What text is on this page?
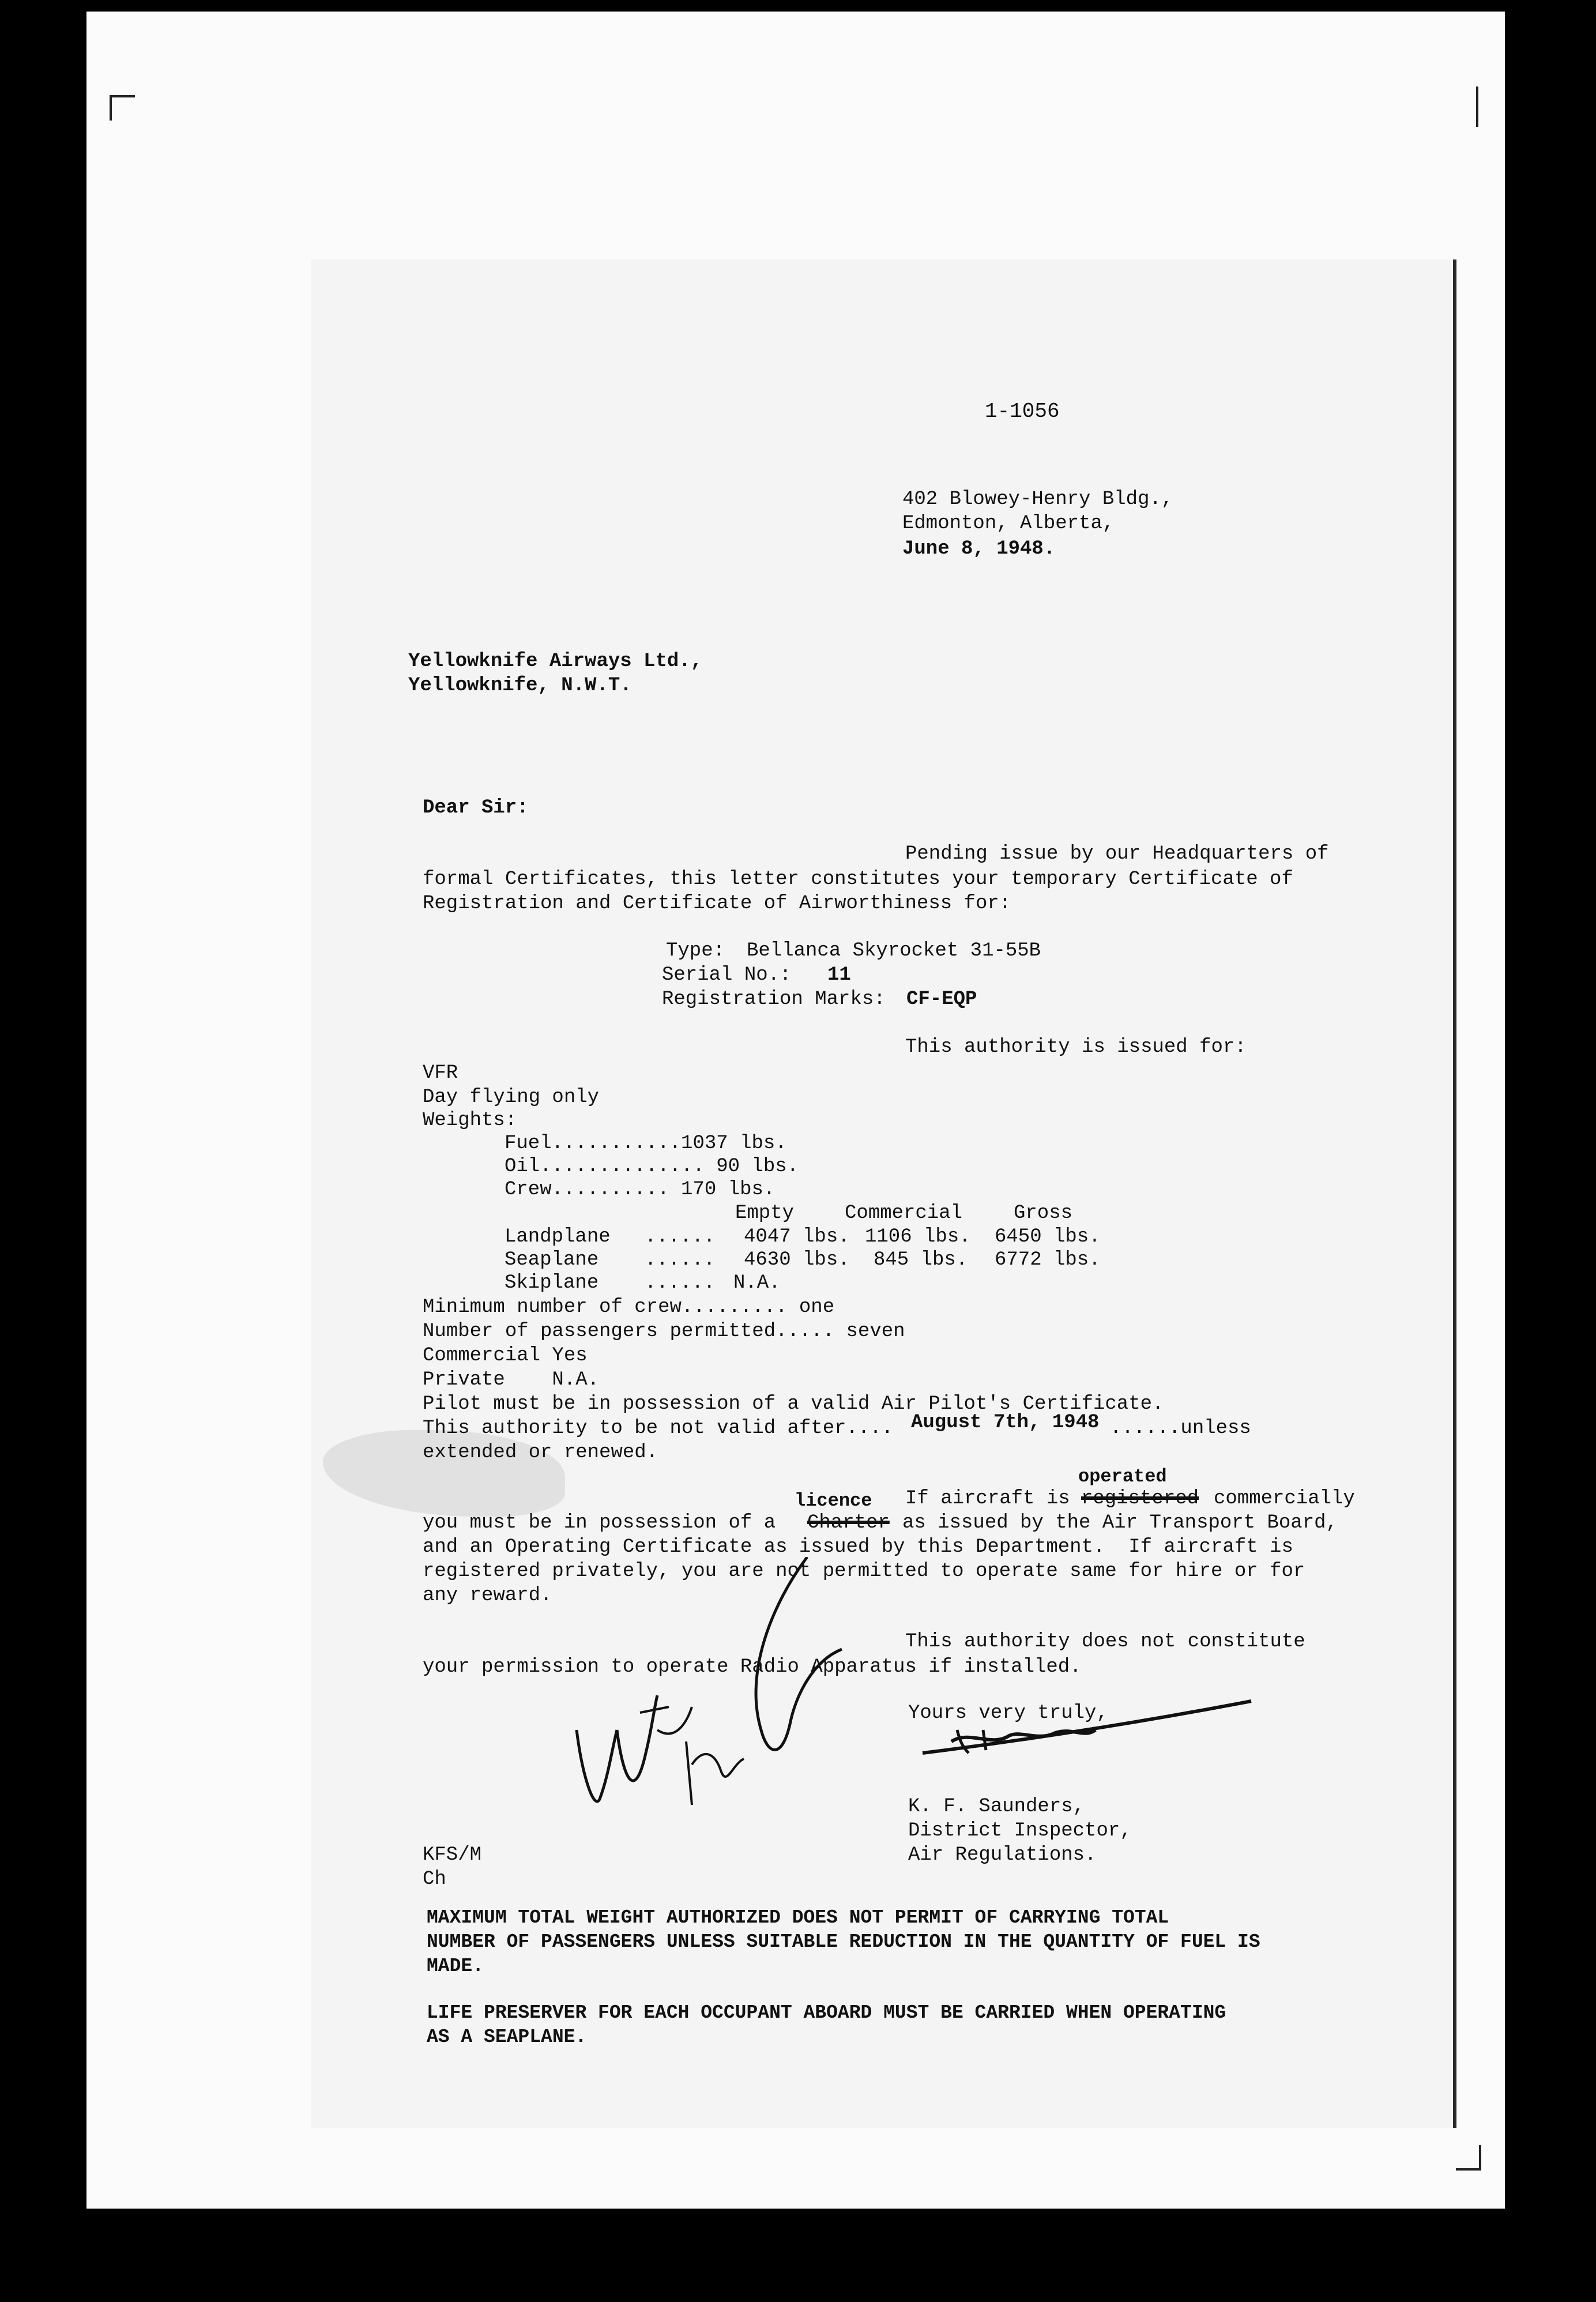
1-1056
402 Blowey-Henry Bldg.,
Edmonton, Alberta,
June 8, 1948.
Yellowknife Airways Ltd.,
Yellowknife, N.W.T.
Dear Sir:
Pending issue by our Headquarters of
formal Certificates, this letter constitutes your temporary Certificate of
Registration and Certificate of Airworthiness for:
Type: Bellanca Skyrocket 31-55B
Serial No.: 11
Registration Marks: CF-EQP
This authority is issued for:
VFR
Day flying only
Weights:
Fuel...........1037 lbs.
Oil.............. 90 lbs.
Crew.......... 170 lbs.
Empty	Commercial	Gross
Landplane ...... 4047 lbs. 1106 lbs. 6450 lbs.
Seaplane ...... 4630 lbs. 845 lbs. 6772 lbs.
Skiplane ...... N.A.
Minimum number of crew......... one
Number of passengers permitted..... seven
Commercial Yes
Private    N.A.
Pilot must be in possession of a valid Air Pilot's Certificate.
This authority to be not valid after.... August 7th, 1948 ......unless
extended or renewed.
operated
licence If aircraft is registered commercially
you must be in possession of a Charter as issued by the Air Transport Board,
and an Operating Certificate as issued by this Department.  If aircraft is
registered privately, you are not permitted to operate same for hire or for
any reward.
This authority does not constitute
your permission to operate Radio Apparatus if installed.
Yours very truly,
K. F. Saunders,
District Inspector,
Air Regulations.
KFS/M
Ch
MAXIMUM TOTAL WEIGHT AUTHORIZED DOES NOT PERMIT OF CARRYING TOTAL
NUMBER OF PASSENGERS UNLESS SUITABLE REDUCTION IN THE QUANTITY OF FUEL IS
MADE.
LIFE PRESERVER FOR EACH OCCUPANT ABOARD MUST BE CARRIED WHEN OPERATING
AS A SEAPLANE.
